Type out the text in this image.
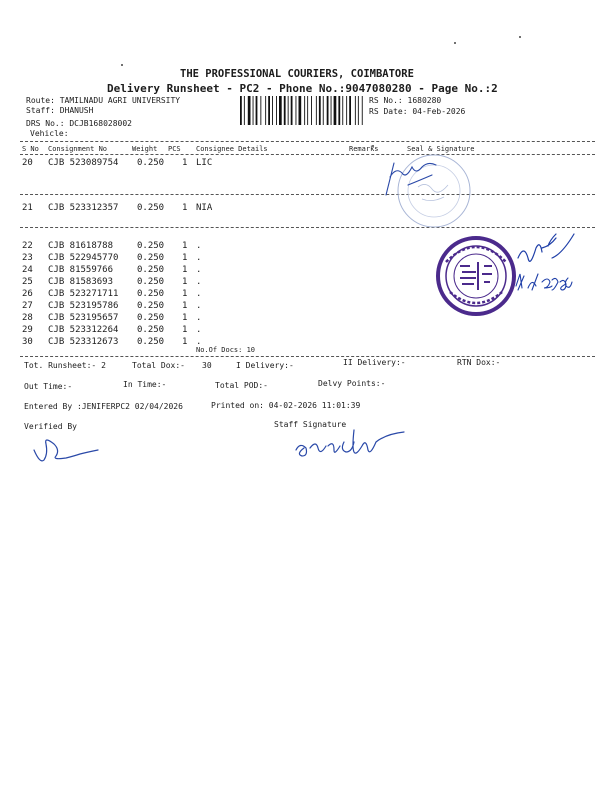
THE PROFESSIONAL COURIERS, COIMBATORE
Delivery Runsheet - PC2 - Phone No.:9047080280 - Page No.:2
Route: TAMILNADU AGRI UNIVERSITY
Staff: DHANUSH
DRS No.: DCJB168028002
Vehicle:
RS No.: 1680280
RS Date: 04-Feb-2026
S No Consignment No	Weight PCS Consignee Details	Remarks	Seal & Signature
20 CJB 523089754 0.250 1 LIC
21 CJB 523312357 0.250 1 NIA
22 CJB 81618788	0.250 1 .
23 CJB 522945770 0.250 1 .
24 CJB 81559766	0.250 1 .
25 CJB 81583693	0.250 1 .
26 CJB 523271711 0.250 1 .
27 CJB 523195786 0.250 1 .
28 CJB 523195657 0.250 1 .
29 CJB 523312264 0.250 1 .
30 CJB 523312673 0.250 1 .
No.Of Docs: 10
Tot. Runsheet:- 2	Total Dox:- 30	I Delivery:-	II Delivery:-	RTN Dox:-
Out Time:-	In Time:-	Total POD:-	Delvy Points:-
Entered By :JENIFERPC2 02/04/2026	Printed on: 04-02-2026 11:01:39
Verified By	Staff Signature
